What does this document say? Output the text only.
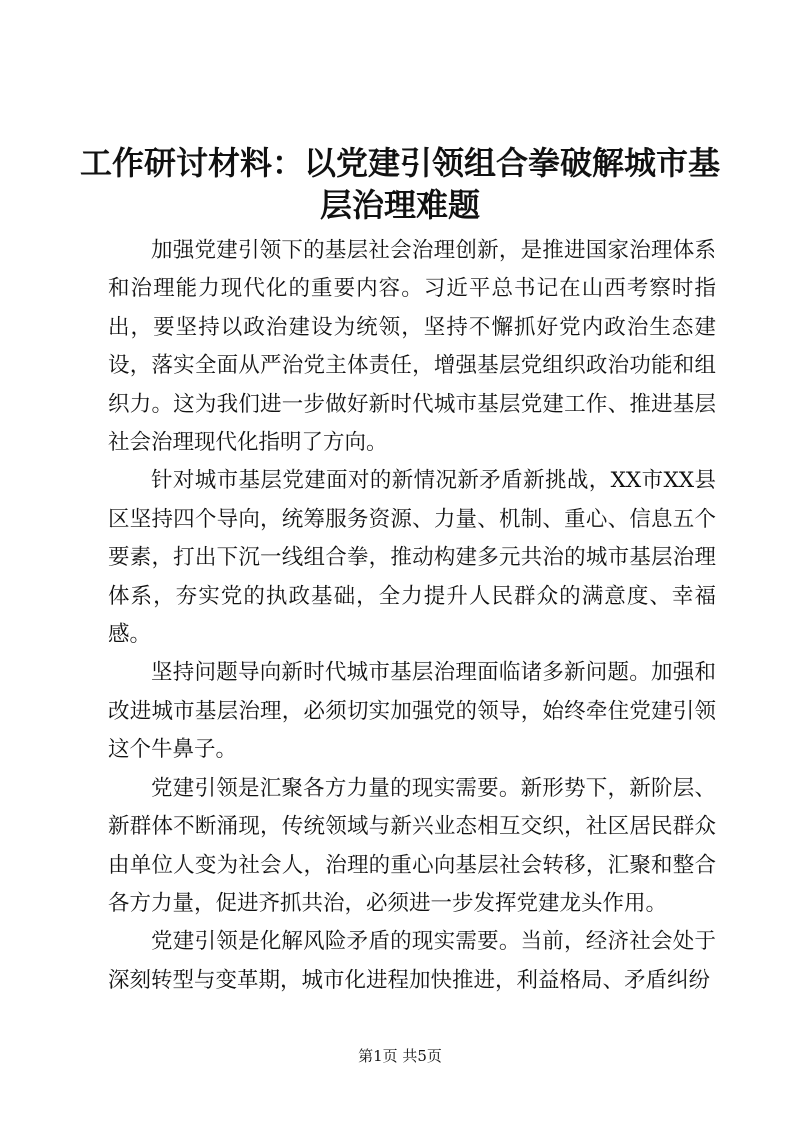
工作研讨材料：以党建引领组合拳破解城市基层治理难题

加强党建引领下的基层社会治理创新，是推进国家治理体系和治理能力现代化的重要内容。习近平总书记在山西考察时指出，要坚持以政治建设为统领，坚持不懈抓好党内政治生态建设，落实全面从严治党主体责任，增强基层党组织政治功能和组织力。这为我们进一步做好新时代城市基层党建工作、推进基层社会治理现代化指明了方向。

针对城市基层党建面对的新情况新矛盾新挑战，XX市XX县区坚持四个导向，统筹服务资源、力量、机制、重心、信息五个要素，打出下沉一线组合拳，推动构建多元共治的城市基层治理体系，夯实党的执政基础，全力提升人民群众的满意度、幸福感。

坚持问题导向新时代城市基层治理面临诸多新问题。加强和改进城市基层治理，必须切实加强党的领导，始终牵住党建引领这个牛鼻子。

党建引领是汇聚各方力量的现实需要。新形势下，新阶层、新群体不断涌现，传统领域与新兴业态相互交织，社区居民群众由单位人变为社会人，治理的重心向基层社会转移，汇聚和整合各方力量，促进齐抓共治，必须进一步发挥党建龙头作用。

党建引领是化解风险矛盾的现实需要。当前，经济社会处于深刻转型与变革期，城市化进程加快推进，利益格局、矛盾纠纷

第1页 共5页
